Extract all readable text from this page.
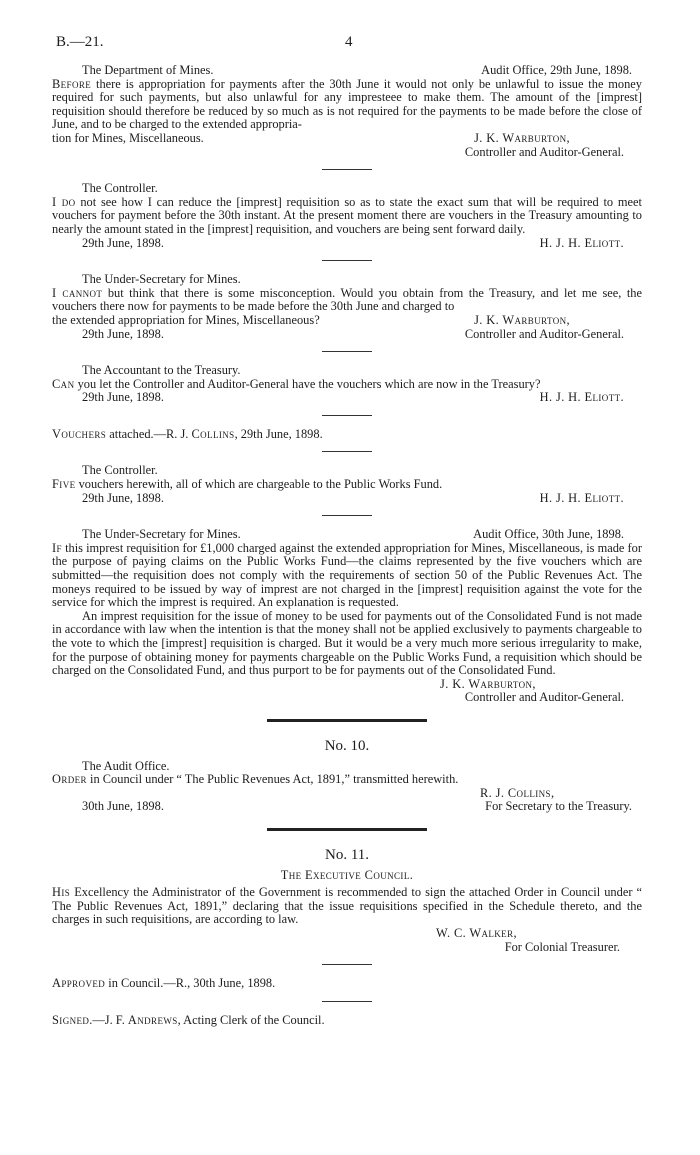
B.—21.	4
The Department of Mines.	Audit Office, 29th June, 1898.

Before there is appropriation for payments after the 30th June it would not only be unlawful to issue the money required for such payments, but also unlawful for any impresteee to make them. The amount of the [imprest] requisition should therefore be reduced by so much as is not required for the payments to be made before the close of June, and to be charged to the extended appropria-

tion for Mines, Miscellaneous.	J. K. Warburton,
Controller and Auditor-General.
The Controller.

I do not see how I can reduce the [imprest] requisition so as to state the exact sum that will be required to meet vouchers for payment before the 30th instant. At the present moment there are vouchers in the Treasury amounting to nearly the amount stated in the [imprest] requisition, and vouchers are being sent forward daily.

29th June, 1898.	H. J. H. Eliott.
The Under-Secretary for Mines.

I cannot but think that there is some misconception. Would you obtain from the Treasury, and let me see, the vouchers there now for payments to be made before the 30th June and charged to

the extended appropriation for Mines, Miscellaneous?	J. K. Warburton,
29th June, 1898.	Controller and Auditor-General.
The Accountant to the Treasury.

Can you let the Controller and Auditor-General have the vouchers which are now in the Treasury?

29th June, 1898.	H. J. H. Eliott.

Vouchers attached.—R. J. Collins, 29th June, 1898.

The Controller.

Five vouchers herewith, all of which are chargeable to the Public Works Fund.

29th June, 1898.	H. J. H. Eliott.
The Under-Secretary for Mines.	Audit Office, 30th June, 1898.

If this imprest requisition for £1,000 charged against the extended appropriation for Mines, Miscellaneous, is made for the purpose of paying claims on the Public Works Fund—the claims represented by the five vouchers which are submitted—the requisition does not comply with the requirements of section 50 of the Public Revenues Act. The moneys required to be issued by way of imprest are not charged in the [imprest] requisition against the vote for the service for which the imprest is required. An explanation is requested.

An imprest requisition for the issue of money to be used for payments out of the Consolidated Fund is not made in accordance with law when the intention is that the money shall not be applied exclusively to payments chargeable to the vote to which the [imprest] requisition is charged. But it would be a very much more serious irregularity to make, for the purpose of obtaining money for payments chargeable on the Public Works Fund, a requisition which should be charged on the Consolidated Fund, and thus purport to be for payments out of the Consolidated Fund.

J. K. Warburton,
Controller and Auditor-General.
No. 10.
The Audit Office.

Order in Council under “ The Public Revenues Act, 1891,” transmitted herewith.

R. J. Collins,
30th June, 1898.	For Secretary to the Treasury.
No. 11.
The Executive Council.

His Excellency the Administrator of the Government is recommended to sign the attached Order in Council under “ The Public Revenues Act, 1891,” declaring that the issue requisitions specified in the Schedule thereto, and the charges in such requisitions, are according to law.

W. C. Walker,
For Colonial Treasurer.

Approved in Council.—R., 30th June, 1898.

Signed.—J. F. Andrews, Acting Clerk of the Council.
